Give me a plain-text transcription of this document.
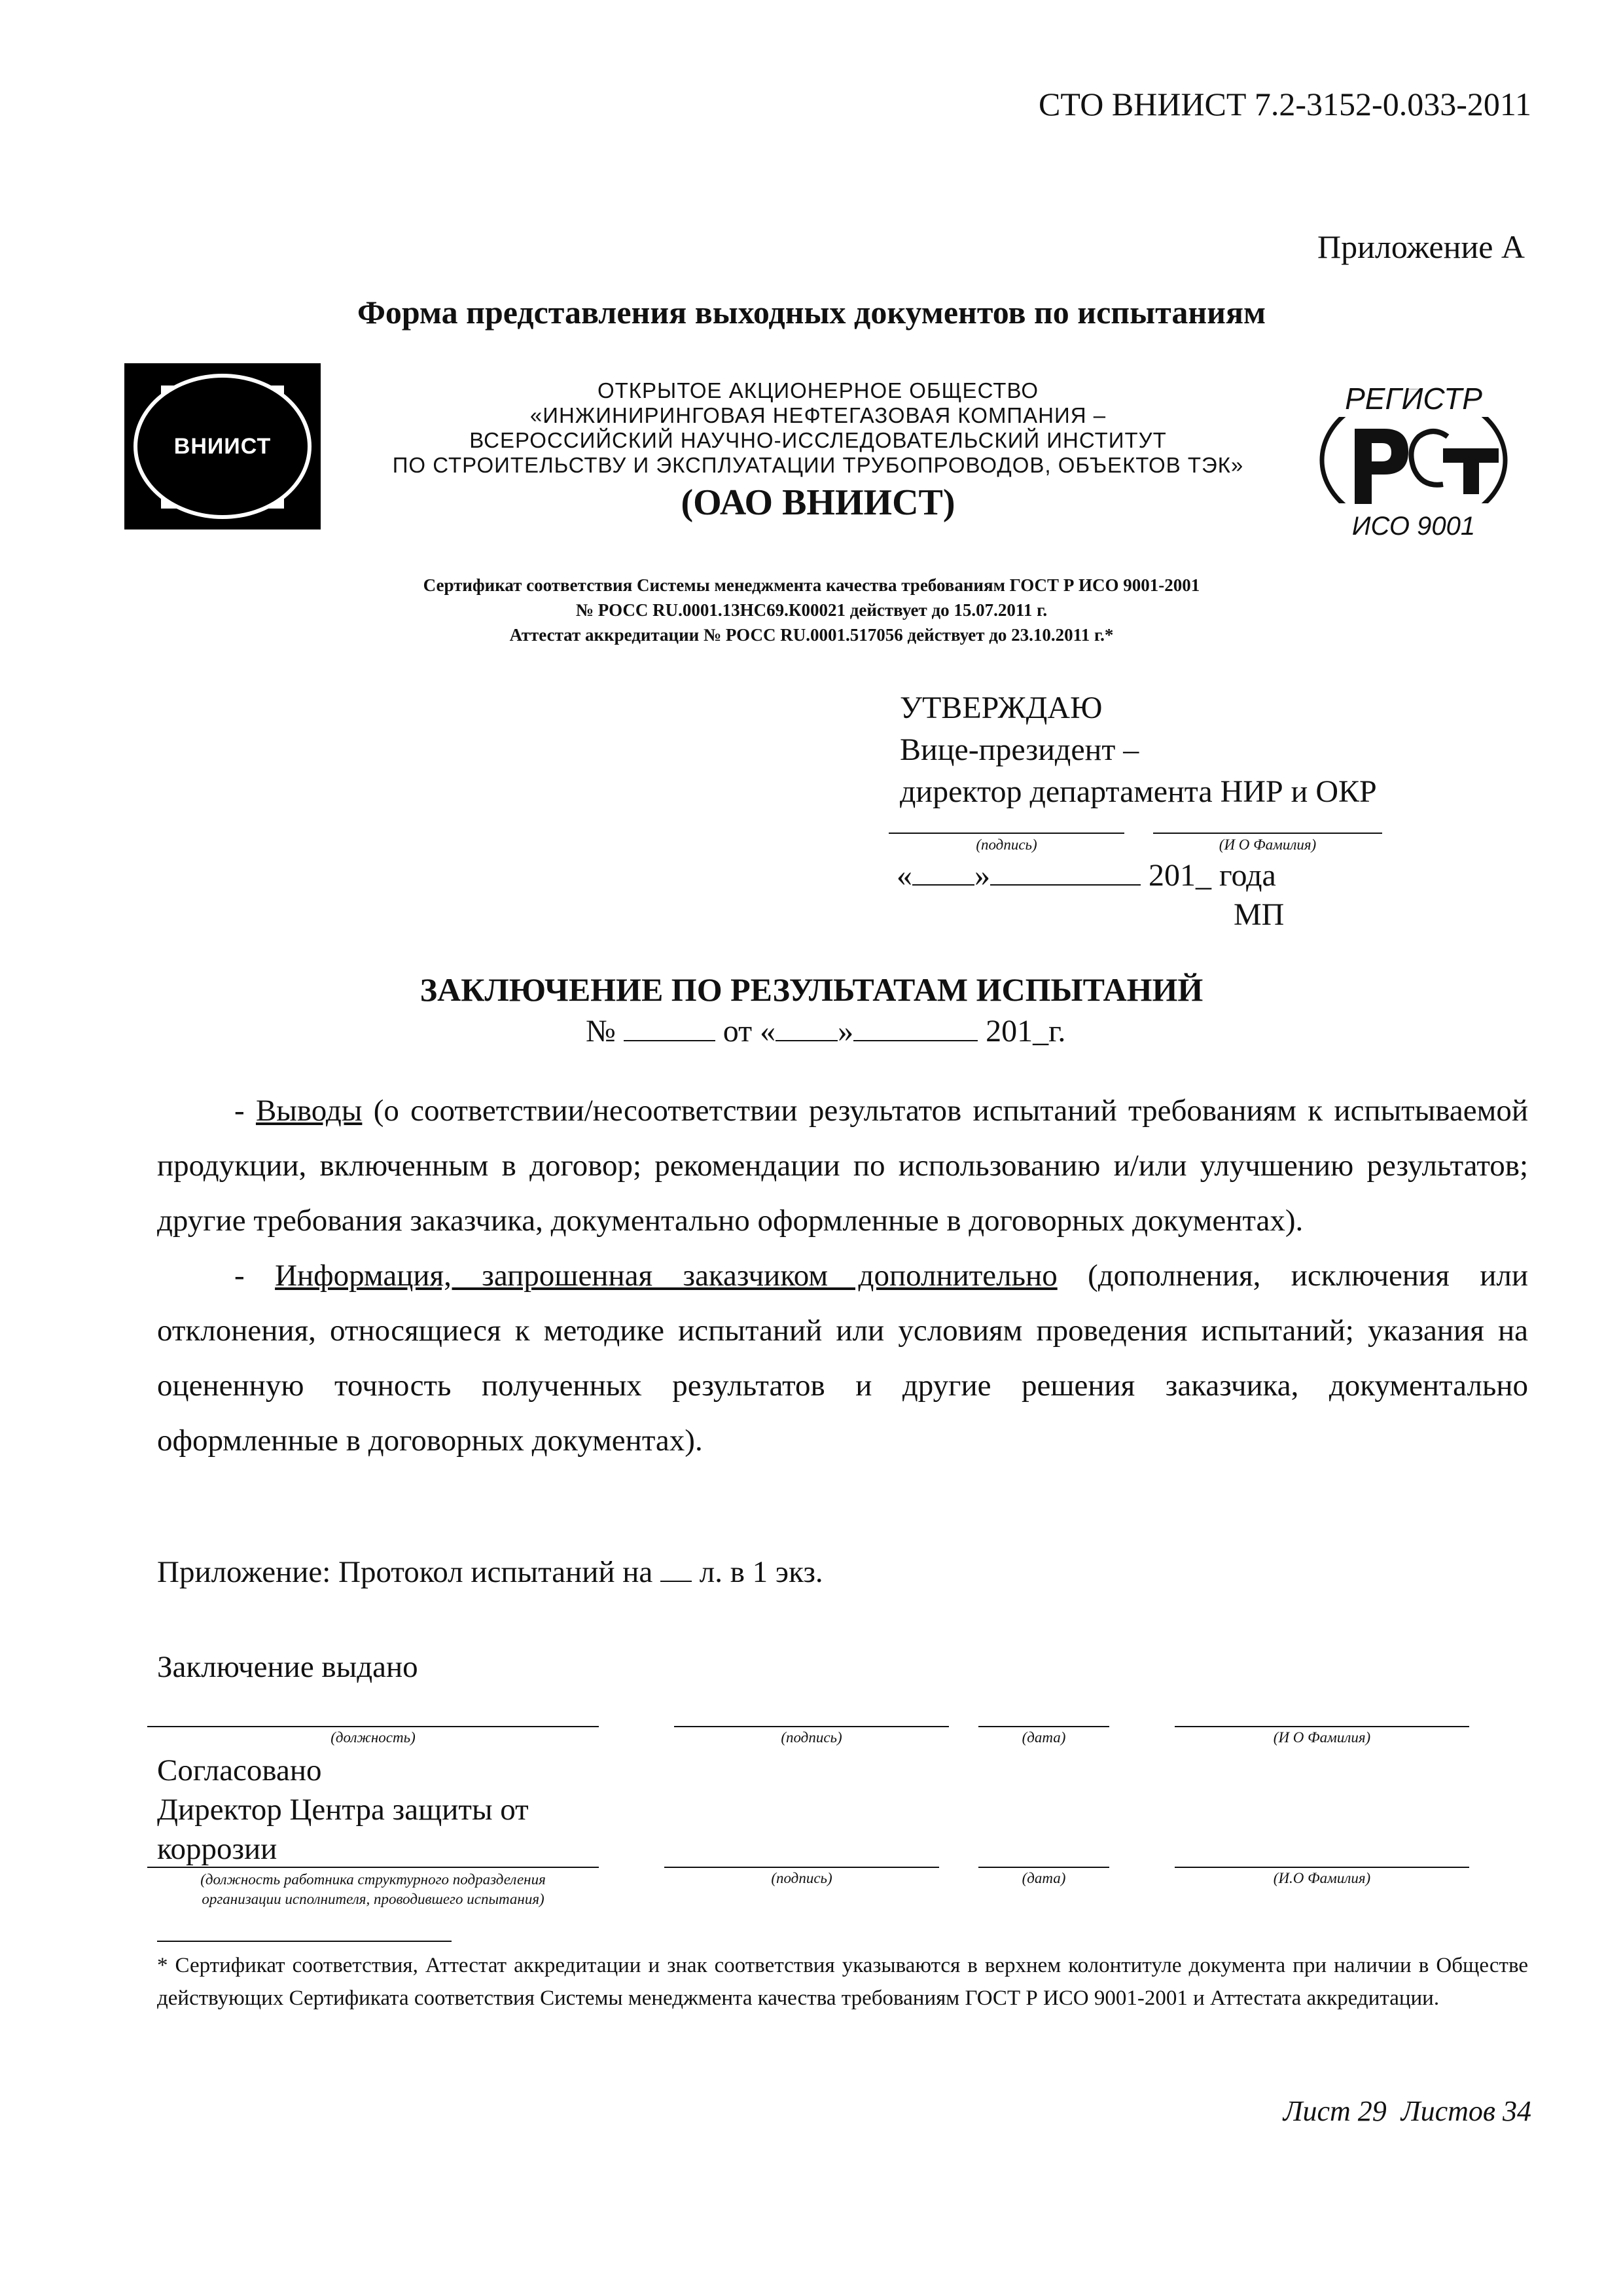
СТО ВНИИСТ 7.2-3152-0.033-2011
Приложение А
Форма представления выходных документов по испытаниям
ВНИИСТ
ОТКРЫТОЕ АКЦИОНЕРНОЕ ОБЩЕСТВО
«ИНЖИНИРИНГОВАЯ НЕФТЕГАЗОВАЯ КОМПАНИЯ –
ВСЕРОССИЙСКИЙ НАУЧНО-ИССЛЕДОВАТЕЛЬСКИЙ ИНСТИТУТ
ПО СТРОИТЕЛЬСТВУ И ЭКСПЛУАТАЦИИ ТРУБОПРОВОДОВ, ОБЪЕКТОВ ТЭК»
(ОАО ВНИИСТ)
РЕГИСТР
ИСО 9001
Сертификат соответствия Системы менеджмента качества требованиям ГОСТ Р ИСО 9001-2001
№ РОСС RU.0001.13НС69.К00021 действует до 15.07.2011 г.
Аттестат аккредитации № РОСС RU.0001.517056 действует до 23.10.2011 г.*
УТВЕРЖДАЮ
Вице-президент –
директор департамента НИР и ОКР
(подпись)	(И О Фамилия)
« »	201_ года
МП
ЗАКЛЮЧЕНИЕ ПО РЕЗУЛЬТАТАМ ИСПЫТАНИЙ
№	от « »	201_г.

- Выводы (о соответствии/несоответствии результатов испытаний требованиям к испытываемой продукции, включенным в договор; рекомендации по использованию и/или улучшению результатов; другие требования заказчика, документально оформленные в договорных документах).

- Информация, запрошенная заказчиком дополнительно (дополнения, исключения или отклонения, относящиеся к методике испытаний или условиям проведения испытаний; указания на оцененную точность полученных результатов и другие решения заказчика, документально оформленные в договорных документах).

Приложение: Протокол испытаний на  л. в 1 экз.
Заключение выдано
(должность)	(подпись)	(дата)	(И О Фамилия)
Согласовано
Директор Центра защиты от
коррозии
(должность работника структурного подразделения
организации исполнителя, проводившего испытания)
(подпись)	(дата)	(И.О Фамилия)
* Сертификат соответствия, Аттестат аккредитации и знак соответствия указываются в верхнем колонтитуле документа при наличии в Обществе действующих Сертификата соответствия Системы менеджмента качества требованиям ГОСТ Р ИСО 9001-2001 и Аттестата аккредитации.
Лист 29  Листов 34
